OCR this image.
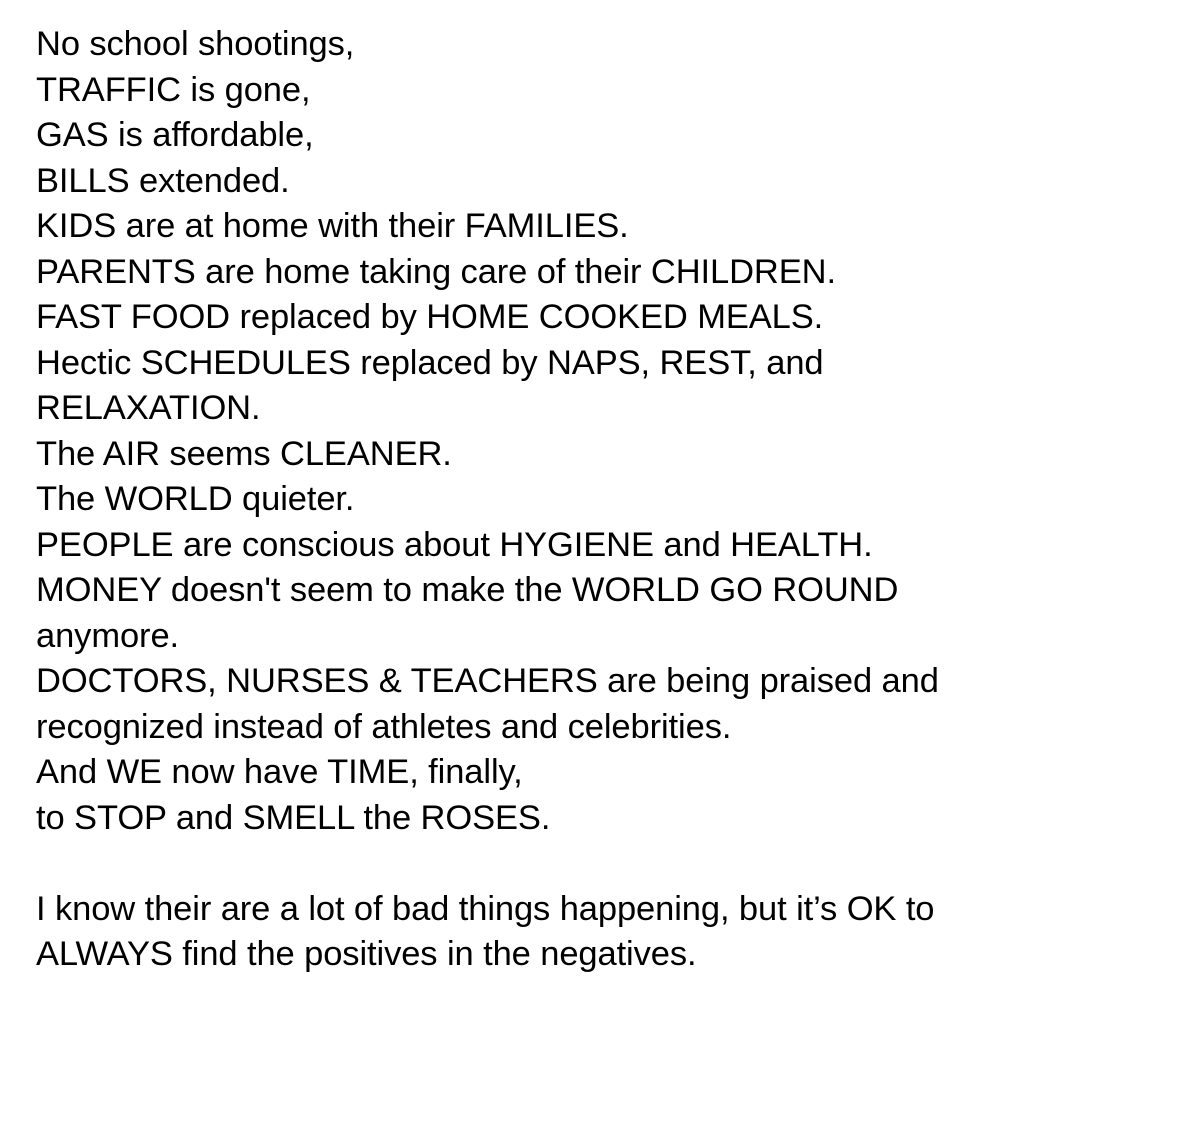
No school shootings,
TRAFFIC is gone,
GAS is affordable,
BILLS extended.
KIDS are at home with their FAMILIES.
PARENTS are home taking care of their CHILDREN.
FAST FOOD replaced by HOME COOKED MEALS.
Hectic SCHEDULES replaced by NAPS, REST, and
RELAXATION.
The AIR seems CLEANER.
The WORLD quieter.
PEOPLE are conscious about HYGIENE and HEALTH.
MONEY doesn't seem to make the WORLD GO ROUND
anymore.
DOCTORS, NURSES & TEACHERS are being praised and
recognized instead of athletes and celebrities.
And WE now have TIME, finally,
to STOP and SMELL the ROSES.
I know their are a lot of bad things happening, but it’s OK to
ALWAYS find the positives in the negatives.
